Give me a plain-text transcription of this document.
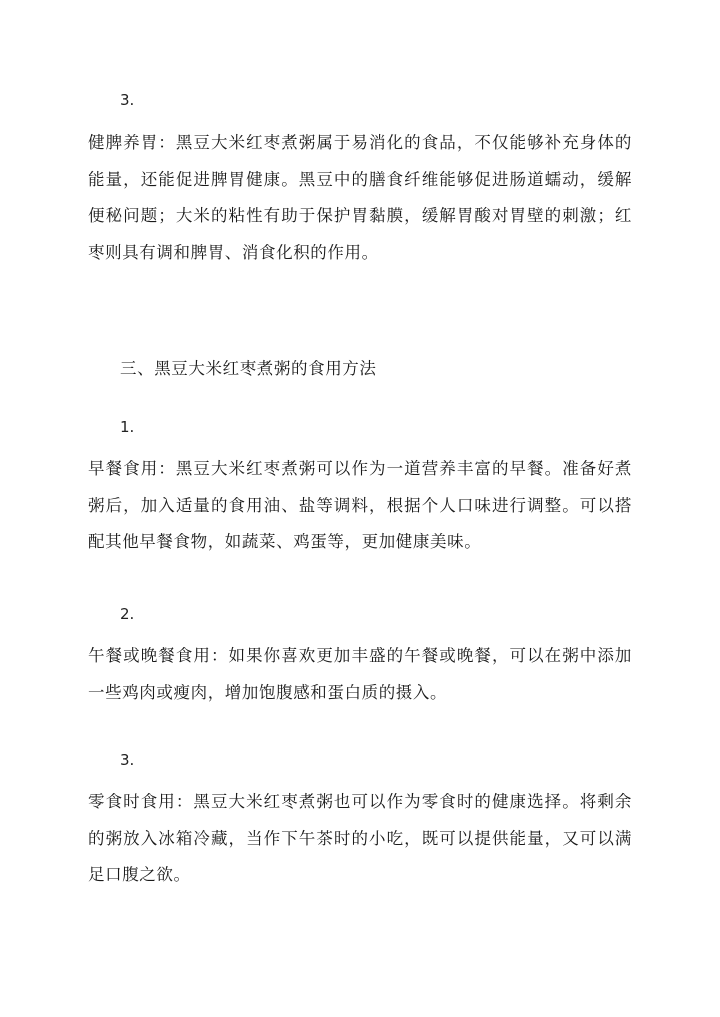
3.

健脾养胃：黑豆大米红枣煮粥属于易消化的食品，不仅能够补充身体的能量，还能促进脾胃健康。黑豆中的膳食纤维能够促进肠道蠕动，缓解便秘问题；大米的粘性有助于保护胃黏膜，缓解胃酸对胃壁的刺激；红枣则具有调和脾胃、消食化积的作用。

三、黑豆大米红枣煮粥的食用方法

1.

早餐食用：黑豆大米红枣煮粥可以作为一道营养丰富的早餐。准备好煮粥后，加入适量的食用油、盐等调料，根据个人口味进行调整。可以搭配其他早餐食物，如蔬菜、鸡蛋等，更加健康美味。

2.

午餐或晚餐食用：如果你喜欢更加丰盛的午餐或晚餐，可以在粥中添加一些鸡肉或瘦肉，增加饱腹感和蛋白质的摄入。

3.

零食时食用：黑豆大米红枣煮粥也可以作为零食时的健康选择。将剩余的粥放入冰箱冷藏，当作下午茶时的小吃，既可以提供能量，又可以满足口腹之欲。
